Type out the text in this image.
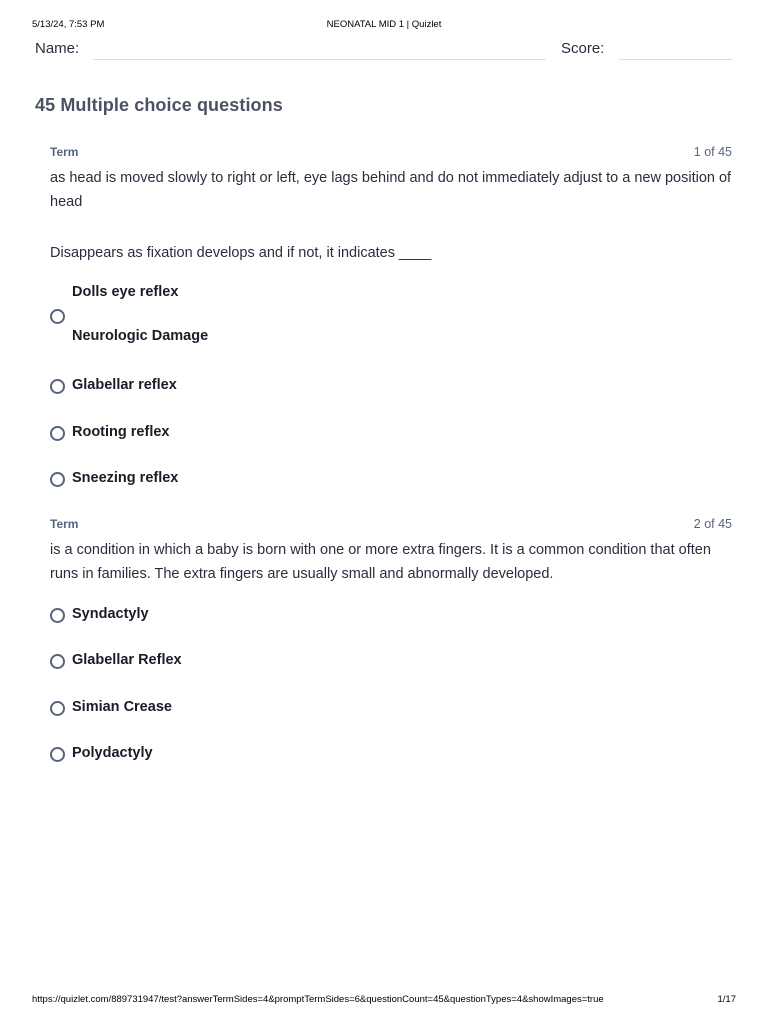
5/13/24, 7:53 PM	NEONATAL MID 1 | Quizlet
Name:	Score:
45 Multiple choice questions
Term	1 of 45

as head is moved slowly to right or left, eye lags behind and do not immediately adjust to a new position of head

Disappears as fixation develops and if not, it indicates ____

Dolls eye reflex
Neurologic Damage
Glabellar reflex
Rooting reflex
Sneezing reflex
Term	2 of 45

is a condition in which a baby is born with one or more extra fingers. It is a common condition that often runs in families. The extra fingers are usually small and abnormally developed.

Syndactyly
Glabellar Reflex
Simian Crease
Polydactyly
https://quizlet.com/889731947/test?answerTermSides=4&promptTermSides=6&questionCount=45&questionTypes=4&showImages=true	1/17
